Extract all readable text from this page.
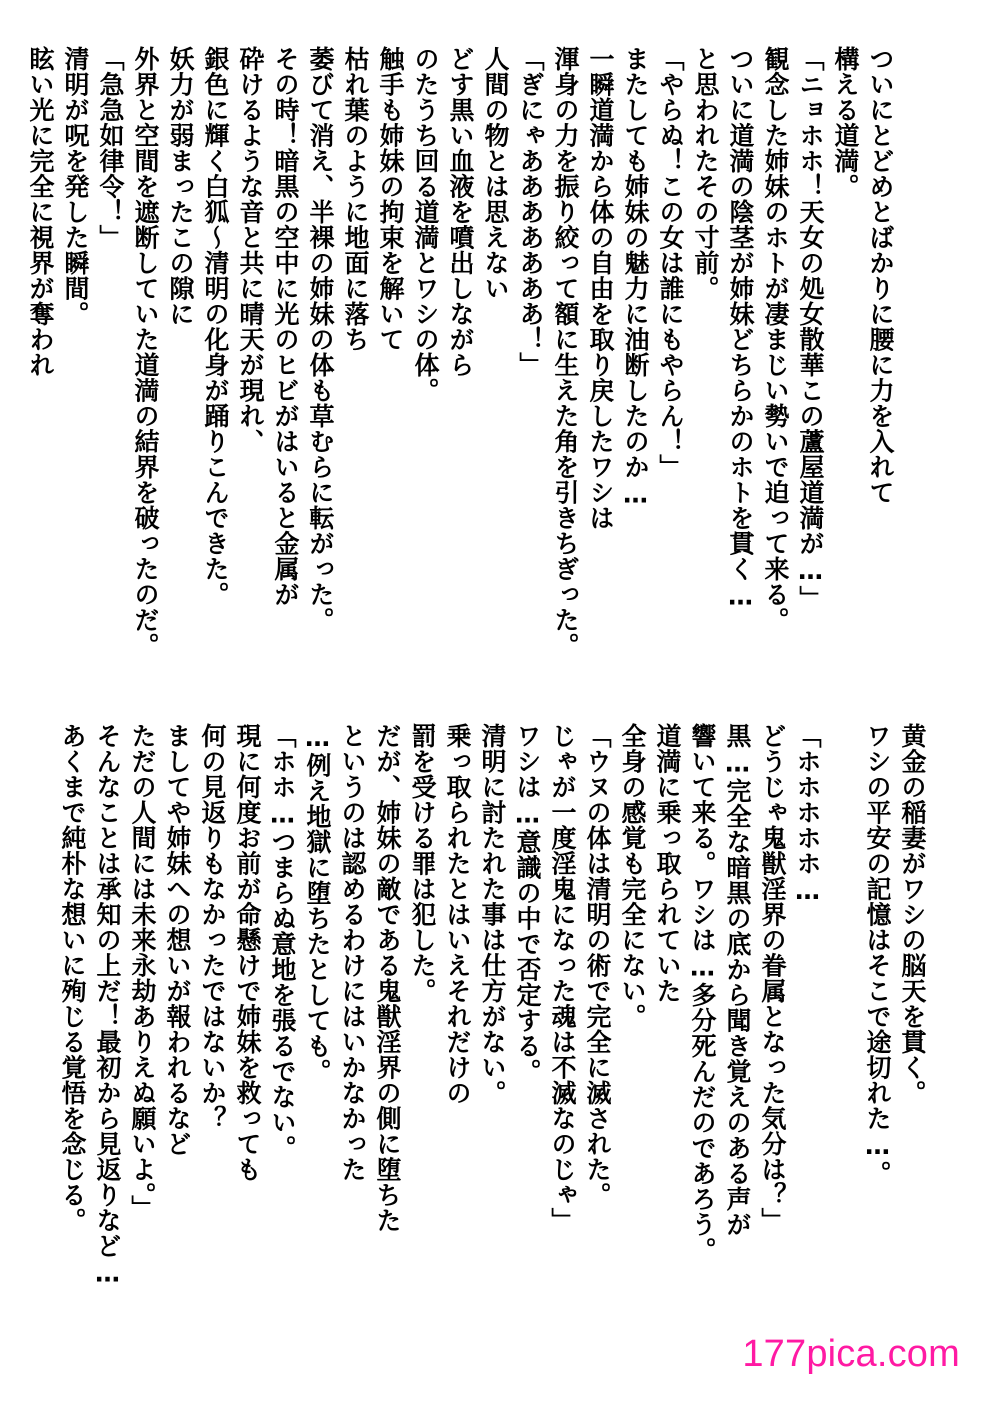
ついにとどめとばかりに腰に力を入れて
構える道満。
「ニョホホ！天女の処女散華この蘆屋道満が…」
観念した姉妹のホトが凄まじい勢いで迫って来る。
ついに道満の陰茎が姉妹どちらかのホトを貫く…
と思われたその寸前。
「やらぬ！この女は誰にもやらん！」
またしても姉妹の魅力に油断したのか…
一瞬道満から体の自由を取り戻したワシは
渾身の力を振り絞って額に生えた角を引きちぎった。
「ぎにゃあああああああ！」
人間の物とは思えない
どす黒い血液を噴出しながら
のたうち回る道満とワシの体。
触手も姉妹の拘束を解いて
枯れ葉のように地面に落ち
萎びて消え、半裸の姉妹の体も草むらに転がった。
その時！暗黒の空中に光のヒビがはいると金属が
砕けるような音と共に晴天が現れ、
銀色に輝く白狐～清明の化身が踊りこんできた。
妖力が弱まったこの隙に
外界と空間を遮断していた道満の結界を破ったのだ。
「急急如律令！」
清明が呪を発した瞬間。
眩い光に完全に視界が奪われ
黄金の稲妻がワシの脳天を貫く。
ワシの平安の記憶はそこで途切れた…。

「ホホホホホ…
どうじゃ鬼獣淫界の眷属となった気分は？」
黒…完全な暗黒の底から聞き覚えのある声が
響いて来る。ワシは…多分死んだのであろう。
道満に乗っ取られていた
全身の感覚も完全にない。
「ウヌの体は清明の術で完全に滅された。
じゃが一度淫鬼になった魂は不滅なのじゃ」
ワシは…意識の中で否定する。
清明に討たれた事は仕方がない。
乗っ取られたとはいえそれだけの
罰を受ける罪は犯した。
だが、姉妹の敵である鬼獣淫界の側に堕ちた
というのは認めるわけにはいかなかった
…例え地獄に堕ちたとしても。
「ホホ…つまらぬ意地を張るでない。
現に何度お前が命懸けで姉妹を救っても
何の見返りもなかったではないか？
ましてや姉妹への想いが報われるなど
ただの人間には未来永劫ありえぬ願いよ。」
そんなことは承知の上だ！最初から見返りなど…
あくまで純朴な想いに殉じる覚悟を念じる。
177pica.com
